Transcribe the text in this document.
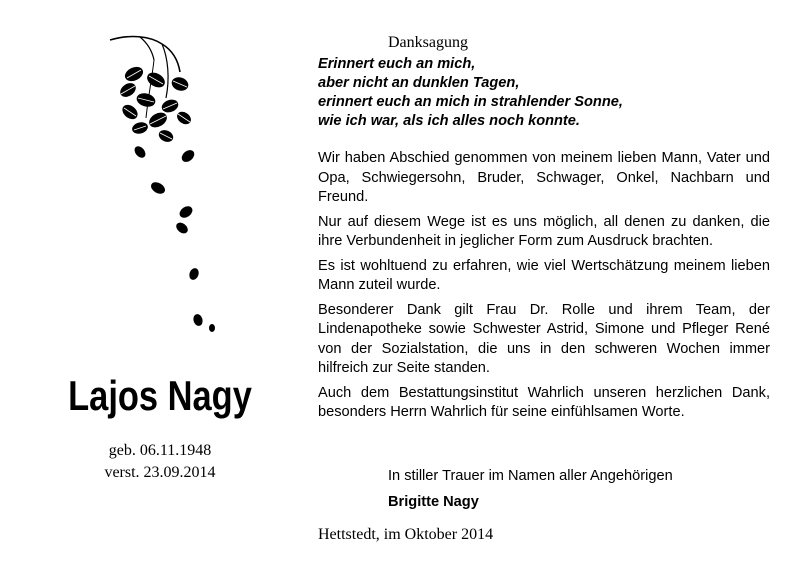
Lajos Nagy
geb. 06.11.1948
verst. 23.09.2014
Danksagung
Erinnert euch an mich,
aber nicht an dunklen Tagen,
erinnert euch an mich in strahlender Sonne,
wie ich war, als ich alles noch konnte.
Wir haben Abschied genommen von meinem lieben Mann, Vater und Opa, Schwiegersohn, Bruder, Schwager, Onkel, Nachbarn und Freund.
Nur auf diesem Wege ist es uns möglich, all denen zu danken, die ihre Verbundenheit in jeglicher Form zum Ausdruck brachten.
Es ist wohltuend zu erfahren, wie viel Wertschätzung meinem lieben Mann zuteil wurde.
Besonderer Dank gilt Frau Dr. Rolle und ihrem Team, der Lindenapotheke sowie Schwester Astrid, Simone und Pfleger René von der Sozialstation, die uns in den schweren Wochen immer hilfreich zur Seite standen.
Auch dem Bestattungsinstitut Wahrlich unseren herzlichen Dank, besonders Herrn Wahrlich für seine einfühlsamen Worte.
In stiller Trauer im Namen aller Angehörigen
Brigitte Nagy
Hettstedt, im Oktober 2014
